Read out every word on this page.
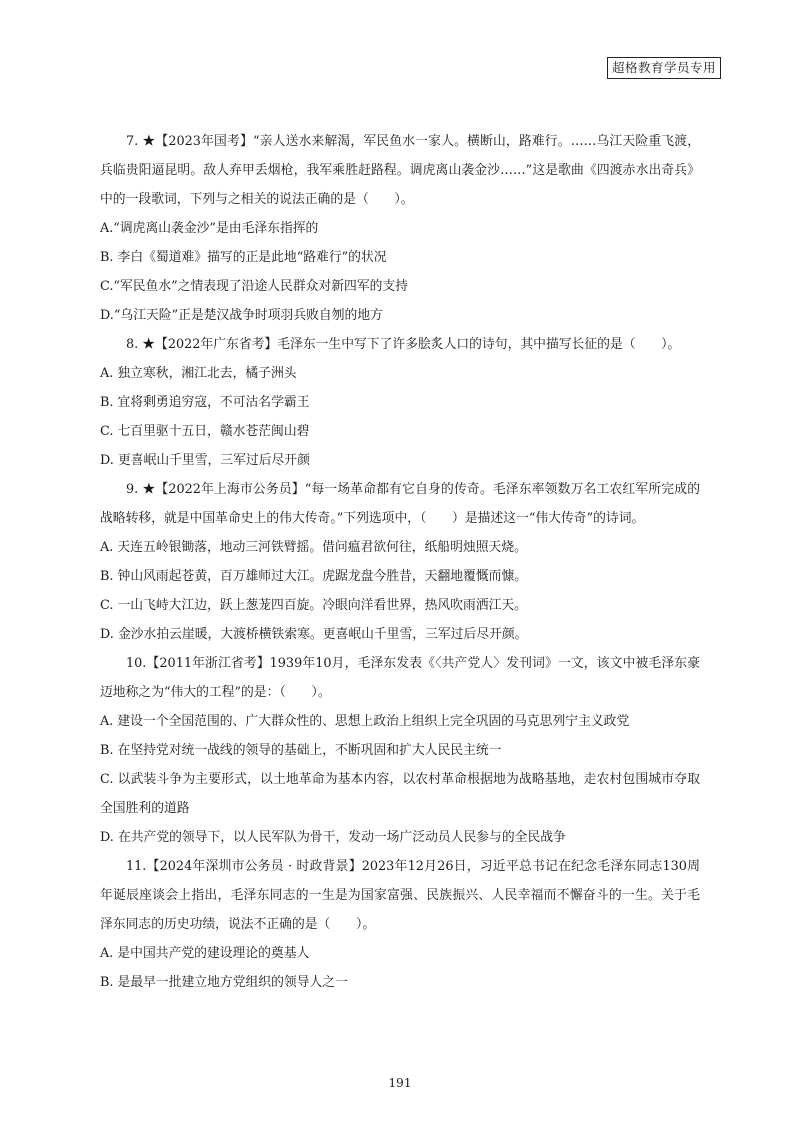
超格教育学员专用

7. ★【2023年国考】“亲人送水来解渴，军民鱼水一家人。横断山，路难行。……乌江天险重飞渡，兵临贵阳逼昆明。敌人弃甲丢烟枪，我军乘胜赶路程。调虎离山袭金沙……”这是歌曲《四渡赤水出奇兵》中的一段歌词，下列与之相关的说法正确的是（　　）。

A.“调虎离山袭金沙”是由毛泽东指挥的

B. 李白《蜀道难》描写的正是此地“路难行”的状况

C.“军民鱼水”之情表现了沿途人民群众对新四军的支持

D.“乌江天险”正是楚汉战争时项羽兵败自刎的地方

8. ★【2022年广东省考】毛泽东一生中写下了许多脍炙人口的诗句，其中描写长征的是（　　）。

A. 独立寒秋，湘江北去，橘子洲头

B. 宜将剩勇追穷寇，不可沽名学霸王

C. 七百里驱十五日，赣水苍茫闽山碧

D. 更喜岷山千里雪，三军过后尽开颜

9. ★【2022年上海市公务员】“每一场革命都有它自身的传奇。毛泽东率领数万名工农红军所完成的战略转移，就是中国革命史上的伟大传奇。”下列选项中，（　　）是描述这一“伟大传奇”的诗词。

A. 天连五岭银锄落，地动三河铁臂摇。借问瘟君欲何往，纸船明烛照天烧。

B. 钟山风雨起苍黄，百万雄师过大江。虎踞龙盘今胜昔，天翻地覆慨而慷。

C. 一山飞峙大江边，跃上葱茏四百旋。冷眼向洋看世界，热风吹雨洒江天。

D. 金沙水拍云崖暖，大渡桥横铁索寒。更喜岷山千里雪，三军过后尽开颜。

10.【2011年浙江省考】1939年10月，毛泽东发表《〈共产党人〉发刊词》一文，该文中被毛泽东豪迈地称之为“伟大的工程”的是：（　　）。

A. 建设一个全国范围的、广大群众性的、思想上政治上组织上完全巩固的马克思列宁主义政党

B. 在坚持党对统一战线的领导的基础上，不断巩固和扩大人民民主统一

C. 以武装斗争为主要形式，以土地革命为基本内容，以农村革命根据地为战略基地，走农村包围城市夺取全国胜利的道路

D. 在共产党的领导下，以人民军队为骨干，发动一场广泛动员人民参与的全民战争

11.【2024年深圳市公务员 · 时政背景】2023年12月26日，习近平总书记在纪念毛泽东同志130周年诞辰座谈会上指出，毛泽东同志的一生是为国家富强、民族振兴、人民幸福而不懈奋斗的一生。关于毛泽东同志的历史功绩，说法不正确的是（　　）。

A. 是中国共产党的建设理论的奠基人

B. 是最早一批建立地方党组织的领导人之一

191
